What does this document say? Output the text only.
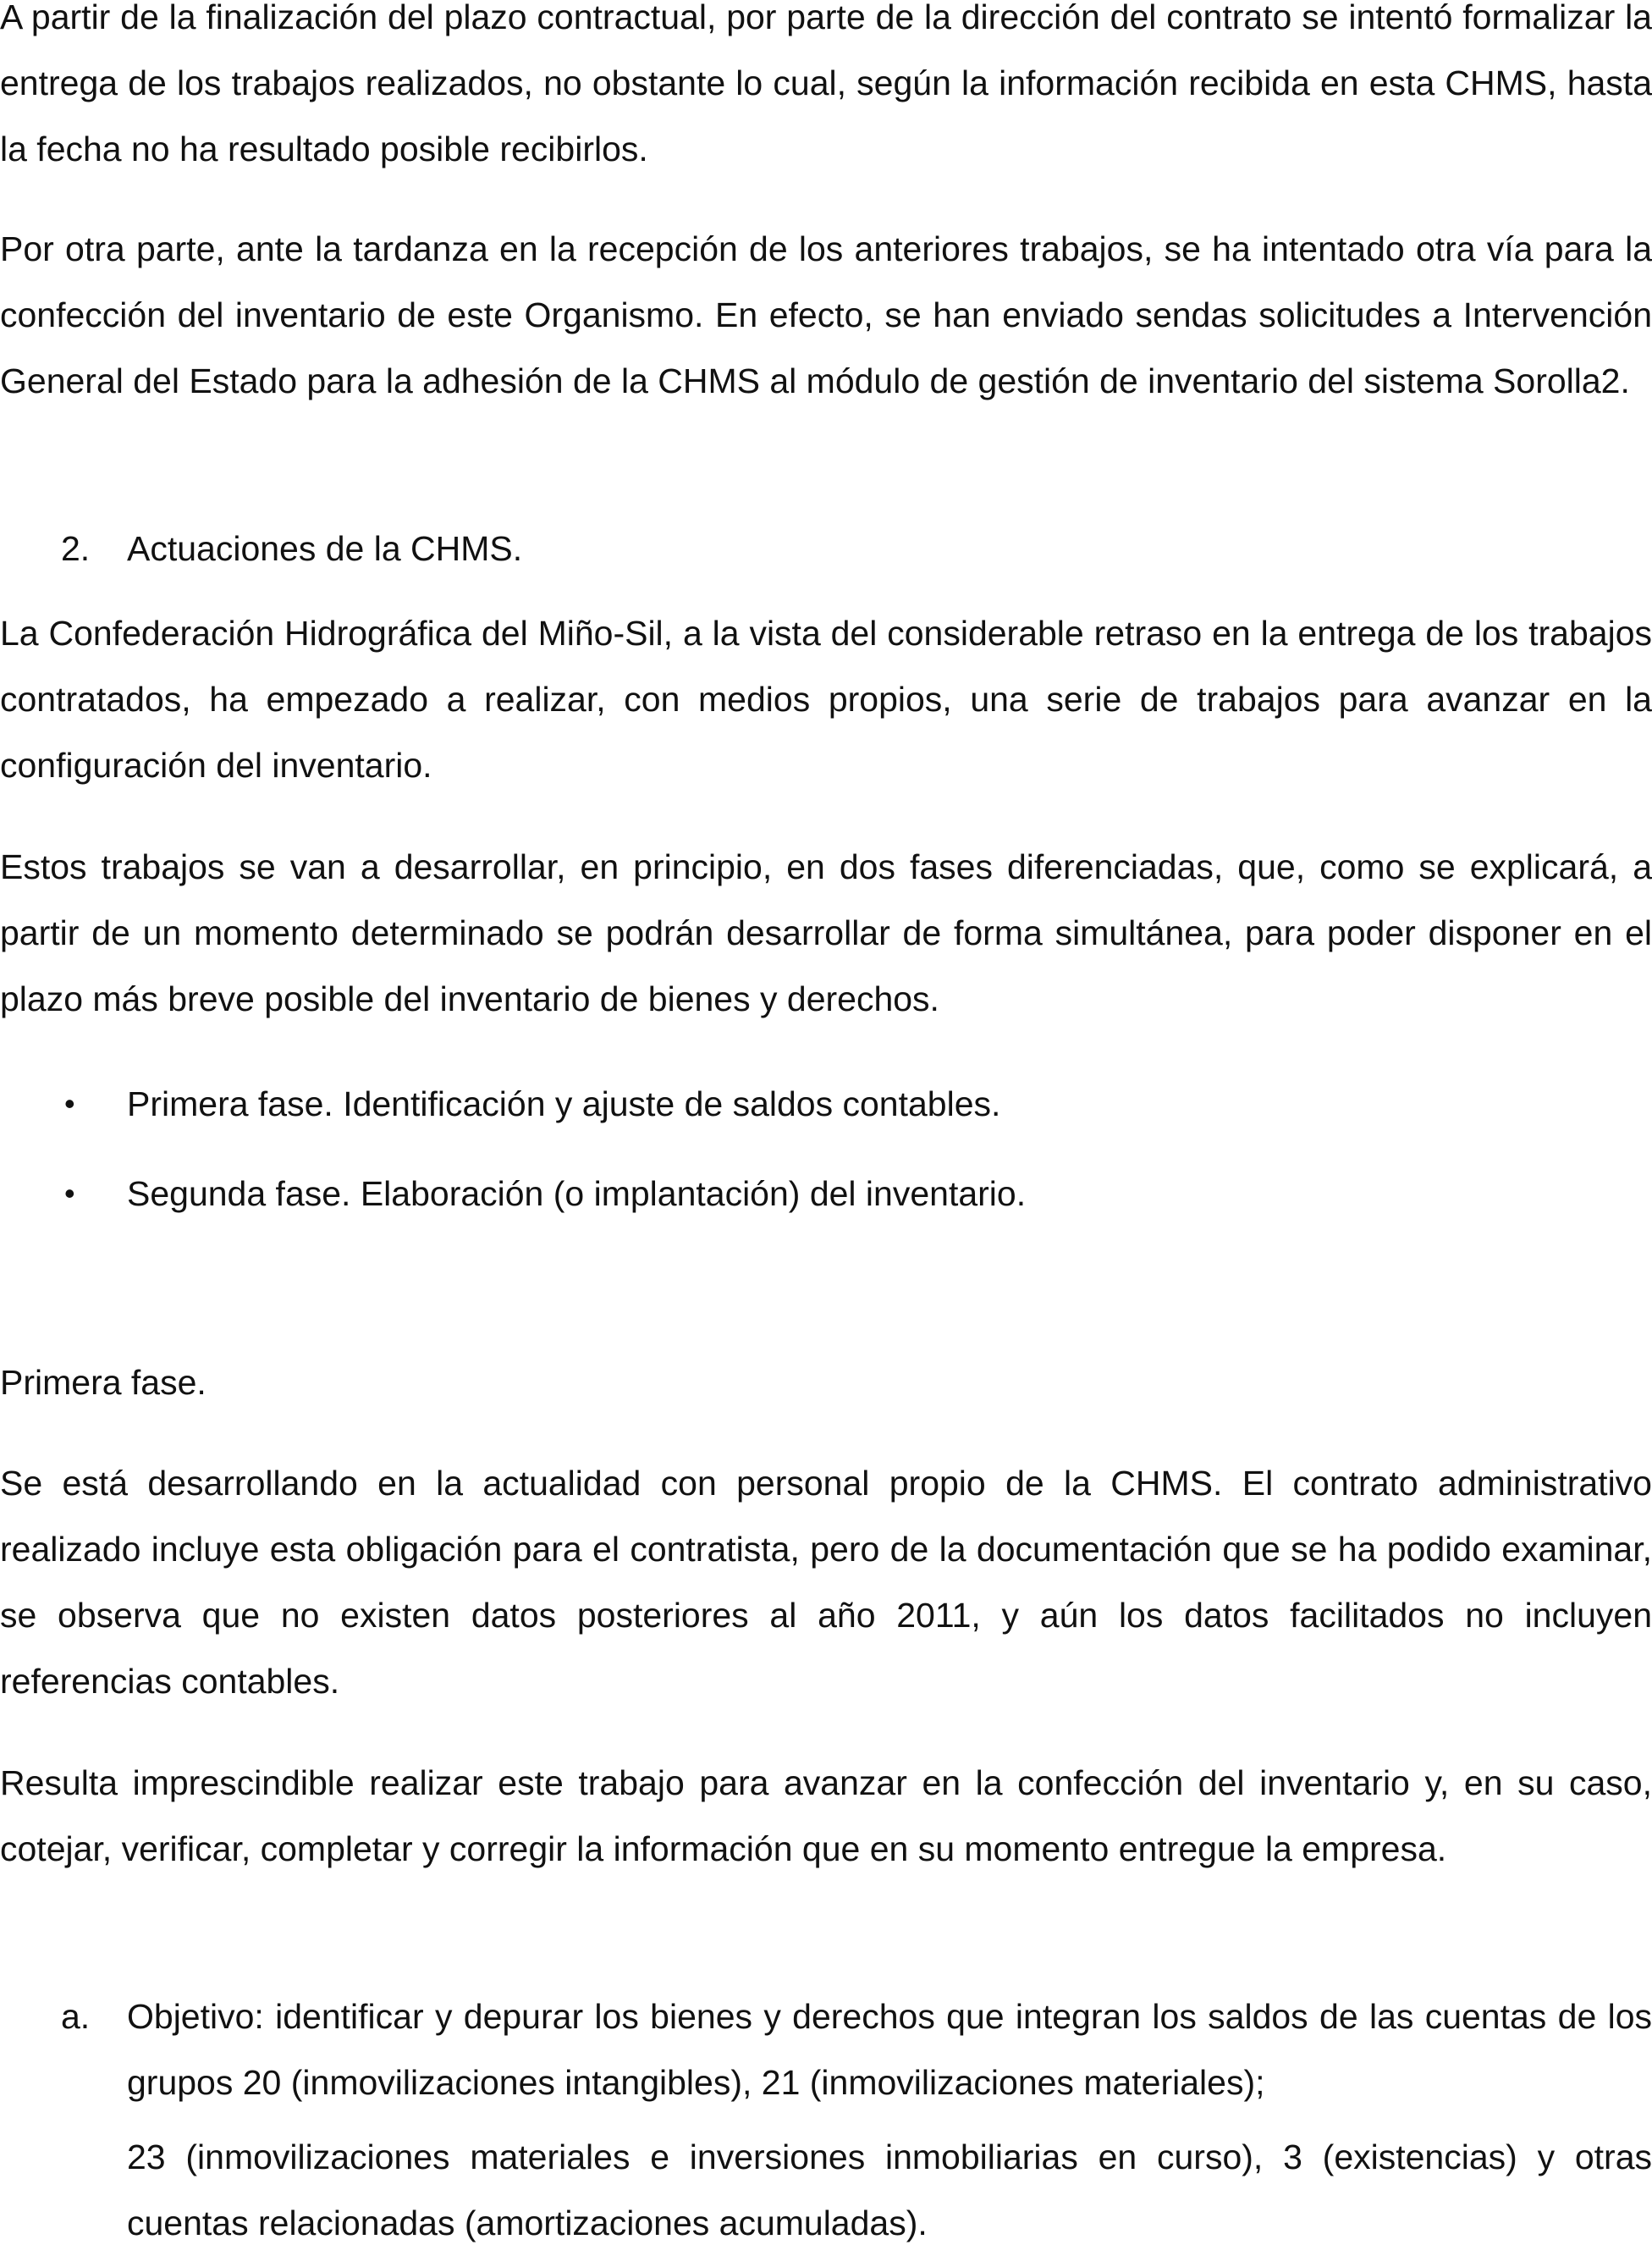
A partir de la finalización del plazo contractual, por parte de la dirección del contrato se intentó formalizar la entrega de los trabajos realizados, no obstante lo cual, según la información recibida en esta CHMS, hasta la fecha no ha resultado posible recibirlos.

Por otra parte, ante la tardanza en la recepción de los anteriores trabajos, se ha intentado otra vía para la confección del inventario de este Organismo. En efecto, se han enviado sendas solicitudes a Intervención General del Estado para la adhesión de la CHMS al módulo de gestión de inventario del sistema Sorolla2.

2.	Actuaciones de la CHMS.

La Confederación Hidrográfica del Miño-Sil, a la vista del considerable retraso en la entrega de los trabajos contratados, ha empezado a realizar, con medios propios, una serie de trabajos para avanzar en la configuración del inventario.

Estos trabajos se van a desarrollar, en principio, en dos fases diferenciadas, que, como se explicará, a partir de un momento determinado se podrán desarrollar de forma simultánea, para poder disponer en el plazo más breve posible del inventario de bienes y derechos.

•	Primera fase. Identificación y ajuste de saldos contables.
•	Segunda fase. Elaboración (o implantación) del inventario.
Primera fase.

Se está desarrollando en la actualidad con personal propio de la CHMS. El contrato administrativo realizado incluye esta obligación para el contratista, pero de la documentación que se ha podido examinar, se observa que no existen datos posteriores al año 2011, y aún los datos facilitados no incluyen referencias contables.

Resulta imprescindible realizar este trabajo para avanzar en la confección del inventario y, en su caso, cotejar, verificar, completar y corregir la información que en su momento entregue la empresa.

a.	Objetivo: identificar y depurar los bienes y derechos que integran los saldos de las cuentas de los grupos 20 (inmovilizaciones intangibles), 21 (inmovilizaciones materiales);
23 (inmovilizaciones materiales e inversiones inmobiliarias en curso), 3 (existencias) y otras cuentas relacionadas (amortizaciones acumuladas).
